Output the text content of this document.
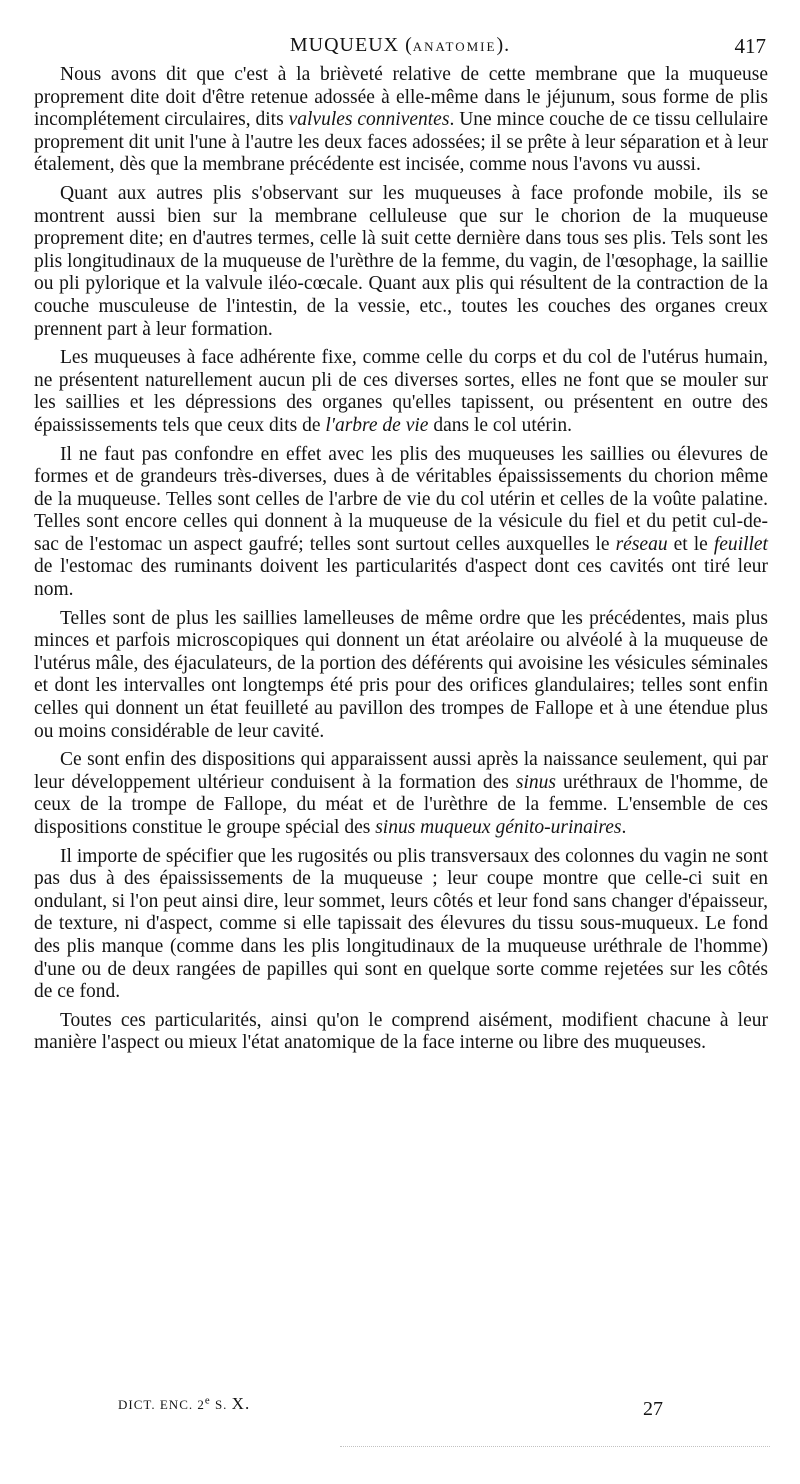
MUQUEUX (ANATOMIE).	417

Nous avons dit que c'est à la brièveté relative de cette membrane que la muqueuse proprement dite doit d'être retenue adossée à elle-même dans le jéjunum, sous forme de plis incomplétement circulaires, dits valvules conniventes. Une mince couche de ce tissu cellulaire proprement dit unit l'une à l'autre les deux faces adossées; il se prête à leur séparation et à leur étalement, dès que la membrane précédente est incisée, comme nous l'avons vu aussi.

Quant aux autres plis s'observant sur les muqueuses à face profonde mobile, ils se montrent aussi bien sur la membrane celluleuse que sur le chorion de la muqueuse proprement dite; en d'autres termes, celle là suit cette dernière dans tous ses plis. Tels sont les plis longitudinaux de la muqueuse de l'urèthre de la femme, du vagin, de l'œsophage, la saillie ou pli pylorique et la valvule iléo-cœcale. Quant aux plis qui résultent de la contraction de la couche musculeuse de l'intestin, de la vessie, etc., toutes les couches des organes creux prennent part à leur formation.

Les muqueuses à face adhérente fixe, comme celle du corps et du col de l'utérus humain, ne présentent naturellement aucun pli de ces diverses sortes, elles ne font que se mouler sur les saillies et les dépressions des organes qu'elles tapissent, ou présentent en outre des épaississements tels que ceux dits de l'arbre de vie dans le col utérin.

Il ne faut pas confondre en effet avec les plis des muqueuses les saillies ou élevures de formes et de grandeurs très-diverses, dues à de véritables épaississements du chorion même de la muqueuse. Telles sont celles de l'arbre de vie du col utérin et celles de la voûte palatine. Telles sont encore celles qui donnent à la muqueuse de la vésicule du fiel et du petit cul-de-sac de l'estomac un aspect gaufré; telles sont surtout celles auxquelles le réseau et le feuillet de l'estomac des ruminants doivent les particularités d'aspect dont ces cavités ont tiré leur nom.

Telles sont de plus les saillies lamelleuses de même ordre que les précédentes, mais plus minces et parfois microscopiques qui donnent un état aréolaire ou alvéolé à la muqueuse de l'utérus mâle, des éjaculateurs, de la portion des déférents qui avoisine les vésicules séminales et dont les intervalles ont longtemps été pris pour des orifices glandulaires; telles sont enfin celles qui donnent un état feuilleté au pavillon des trompes de Fallope et à une étendue plus ou moins considérable de leur cavité.

Ce sont enfin des dispositions qui apparaissent aussi après la naissance seulement, qui par leur développement ultérieur conduisent à la formation des sinus uréthraux de l'homme, de ceux de la trompe de Fallope, du méat et de l'urèthre de la femme. L'ensemble de ces dispositions constitue le groupe spécial des sinus muqueux génito-urinaires.

Il importe de spécifier que les rugosités ou plis transversaux des colonnes du vagin ne sont pas dus à des épaississements de la muqueuse ; leur coupe montre que celle-ci suit en ondulant, si l'on peut ainsi dire, leur sommet, leurs côtés et leur fond sans changer d'épaisseur, de texture, ni d'aspect, comme si elle tapissait des élevures du tissu sous-muqueux. Le fond des plis manque (comme dans les plis longitudinaux de la muqueuse uréthrale de l'homme) d'une ou de deux rangées de papilles qui sont en quelque sorte comme rejetées sur les côtés de ce fond.

Toutes ces particularités, ainsi qu'on le comprend aisément, modifient chacune à leur manière l'aspect ou mieux l'état anatomique de la face interne ou libre des muqueuses.

DICT. ENC. 2e S. X.	27
